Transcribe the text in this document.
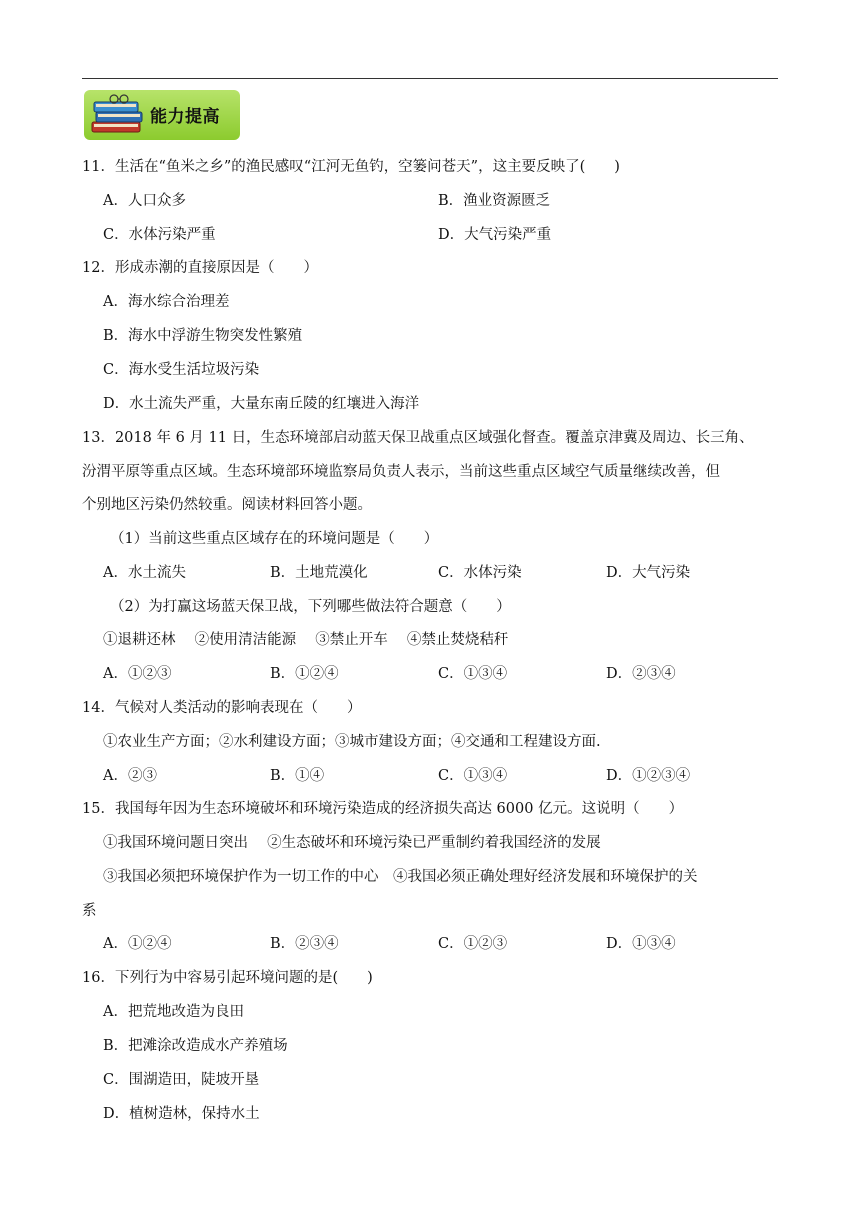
能力提高
11．生活在“鱼米之乡”的渔民感叹“江河无鱼钓，空篓问苍天”，这主要反映了(　　)
A．人口众多	B．渔业资源匮乏
C．水体污染严重	D．大气污染严重
12．形成赤潮的直接原因是（　　）
A．海水综合治理差
B．海水中浮游生物突发性繁殖
C．海水受生活垃圾污染
D．水土流失严重，大量东南丘陵的红壤进入海洋
13．2018 年 6 月 11 日，生态环境部启动蓝天保卫战重点区域强化督查。覆盖京津冀及周边、长三角、
汾渭平原等重点区域。生态环境部环境监察局负责人表示，当前这些重点区域空气质量继续改善，但
个别地区污染仍然较重。阅读材料回答小题。
（1）当前这些重点区域存在的环境问题是（　　）
A．水土流失	B．土地荒漠化	C．水体污染	D．大气污染
（2）为打赢这场蓝天保卫战，下列哪些做法符合题意（　　）
①退耕还林　 ②使用清洁能源　 ③禁止开车　 ④禁止焚烧秸秆
A．①②③	B．①②④	C．①③④	D．②③④
14．气候对人类活动的影响表现在（　　）
①农业生产方面；②水利建设方面；③城市建设方面；④交通和工程建设方面.
A．②③	B．①④	C．①③④	D．①②③④
15．我国每年因为生态环境破坏和环境污染造成的经济损失高达 6000 亿元。这说明（　　）
①我国环境问题日突出　 ②生态破坏和环境污染已严重制约着我国经济的发展
③我国必须把环境保护作为一切工作的中心　④我国必须正确处理好经济发展和环境保护的关
系
A．①②④	B．②③④	C．①②③	D．①③④
16．下列行为中容易引起环境问题的是(　　)
A．把荒地改造为良田
B．把滩涂改造成水产养殖场
C．围湖造田，陡坡开垦
D．植树造林，保持水土
